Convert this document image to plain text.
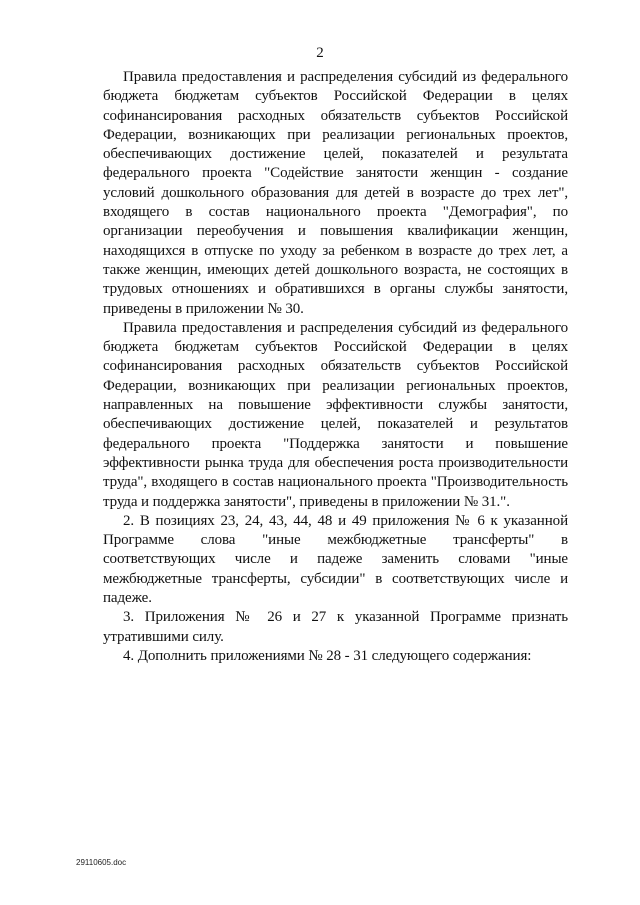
2

Правила предоставления и распределения субсидий из федерального бюджета бюджетам субъектов Российской Федерации в целях софинансирования расходных обязательств субъектов Российской Федерации, возникающих при реализации региональных проектов, обеспечивающих достижение целей, показателей и результата федерального проекта "Содействие занятости женщин - создание условий дошкольного образования для детей в возрасте до трех лет", входящего в состав национального проекта "Демография", по организации переобучения и повышения квалификации женщин, находящихся в отпуске по уходу за ребенком в возрасте до трех лет, а также женщин, имеющих детей дошкольного возраста, не состоящих в трудовых отношениях и обратившихся в органы службы занятости, приведены в приложении № 30.

Правила предоставления и распределения субсидий из федерального бюджета бюджетам субъектов Российской Федерации в целях софинансирования расходных обязательств субъектов Российской Федерации, возникающих при реализации региональных проектов, направленных на повышение эффективности службы занятости, обеспечивающих достижение целей, показателей и результатов федерального проекта "Поддержка занятости и повышение эффективности рынка труда для обеспечения роста производительности труда", входящего в состав национального проекта "Производительность труда и поддержка занятости", приведены в приложении № 31.".

2. В позициях 23, 24, 43, 44, 48 и 49 приложения № 6 к указанной Программе слова "иные межбюджетные трансферты" в соответствующих числе и падеже заменить словами "иные межбюджетные трансферты, субсидии" в соответствующих числе и падеже.

3. Приложения № 26 и 27 к указанной Программе признать утратившими силу.

4. Дополнить приложениями № 28 - 31 следующего содержания:

29110605.doc
